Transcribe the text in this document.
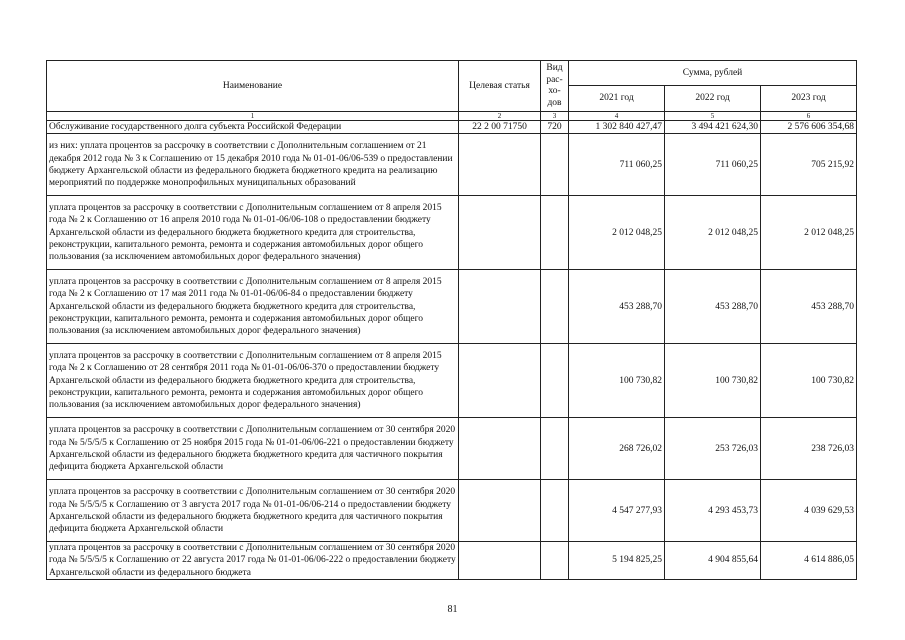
Наименование	Целевая статья	Вид
рас-
хо-
дов	Сумма, рублей		
			2021 год	2022 год	2023 год
1	2	3	4	5	6
Обслуживание государственного долга субъекта Российской Федерации	22 2 00 71750	720	1 302 840 427,47	3 494 421 624,30	2 576 606 354,68
из них: уплата процентов за рассрочку в соответствии с Дополнительным соглашением от 21 декабря 2012 года № 3 к Соглашению от 15 декабря 2010 года № 01-01-06/06-539 о предоставлении бюджету Архангельской области из федерального бюджета бюджетного кредита на реализацию мероприятий по поддержке монопрофильных муниципальных образований			711 060,25	711 060,25	705 215,92
уплата процентов за рассрочку в соответствии с Дополнительным соглашением от 8 апреля 2015 года № 2 к Соглашению от 16 апреля 2010 года № 01-01-06/06-108 о предоставлении бюджету Архангельской области из федерального бюджета бюджетного кредита для строительства, реконструкции, капитального ремонта, ремонта и содержания автомобильных дорог общего пользования (за исключением автомобильных дорог федерального значения)			2 012 048,25	2 012 048,25	2 012 048,25
уплата процентов за рассрочку в соответствии с Дополнительным соглашением от 8 апреля 2015 года № 2 к Соглашению от 17 мая 2011 года № 01-01-06/06-84 о предоставлении бюджету Архангельской области из федерального бюджета бюджетного кредита для строительства, реконструкции, капитального ремонта, ремонта и содержания автомобильных дорог общего пользования (за исключением автомобильных дорог федерального значения)			453 288,70	453 288,70	453 288,70
уплата процентов за рассрочку в соответствии с Дополнительным соглашением от 8 апреля 2015 года № 2 к Соглашению от 28 сентября 2011 года № 01-01-06/06-370 о предоставлении бюджету Архангельской области из федерального бюджета бюджетного кредита для строительства, реконструкции, капитального ремонта, ремонта и содержания автомобильных дорог общего пользования (за исключением автомобильных дорог федерального значения)			100 730,82	100 730,82	100 730,82
уплата процентов за рассрочку в соответствии с Дополнительным соглашением от 30 сентября 2020 года № 5/5/5/5 к Соглашению от 25 ноября 2015 года № 01-01-06/06-221 о предоставлении бюджету Архангельской области из федерального бюджета бюджетного кредита для частичного покрытия дефицита бюджета Архангельской области			268 726,02	253 726,03	238 726,03
уплата процентов за рассрочку в соответствии с Дополнительным соглашением от 30 сентября 2020 года № 5/5/5/5 к Соглашению от 3 августа 2017 года № 01-01-06/06-214 о предоставлении бюджету Архангельской области из федерального бюджета бюджетного кредита для частичного покрытия дефицита бюджета Архангельской области			4 547 277,93	4 293 453,73	4 039 629,53
уплата процентов за рассрочку в соответствии с Дополнительным соглашением от 30 сентября 2020 года № 5/5/5/5 к Соглашению от 22 августа 2017 года № 01-01-06/06-222 о предоставлении бюджету Архангельской области из федерального бюджета			5 194 825,25	4 904 855,64	4 614 886,05
81
